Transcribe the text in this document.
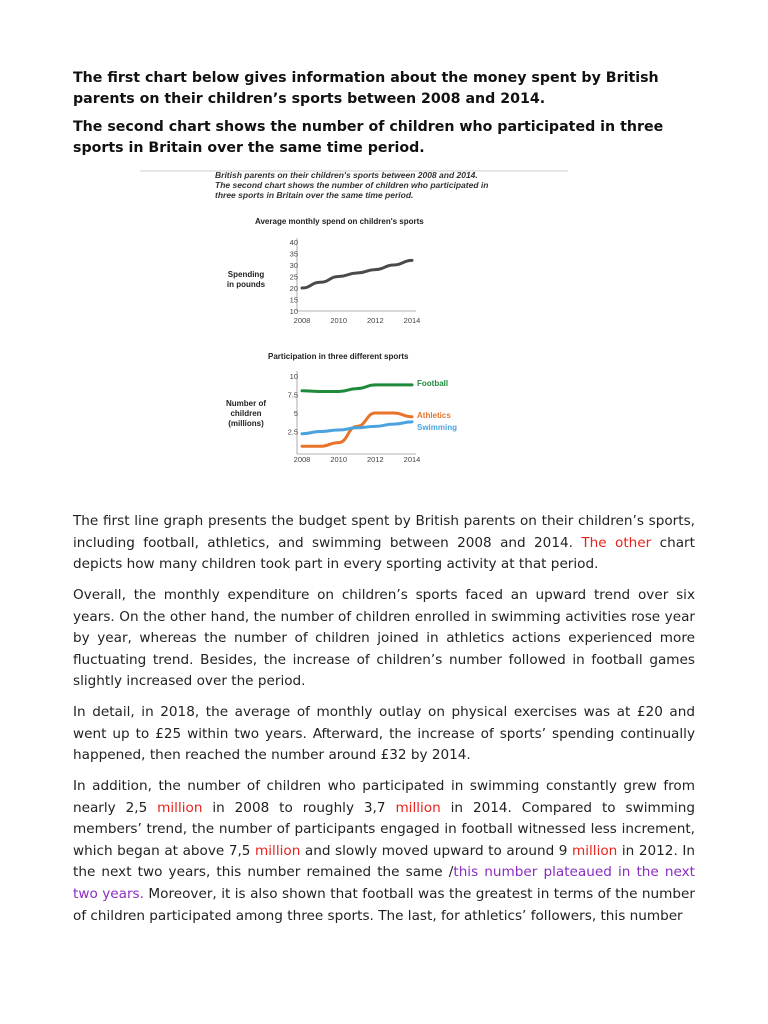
The first chart below gives information about the money spent by British parents on their children’s sports between 2008 and 2014.

The second chart shows the number of children who participated in three sports in Britain over the same time period.

British parents on their children's sports between 2008 and 2014.
The second chart shows the number of children who participated in
three sports in Britain over the same time period.
Average monthly spend on children's sports
Spending
in pounds
10
15
20
25
30
35
40
2008	2010	2012	2014
Participation in three different sports
Number of
children
(millions)
2.5
5
7.5
10
2008	2010	2012	2014
Football
Athletics
Swimming

The first line graph presents the budget spent by British parents on their children’s sports, including football, athletics, and swimming between 2008 and 2014. The other chart depicts how many children took part in every sporting activity at that period.

Overall, the monthly expenditure on children’s sports faced an upward trend over six years. On the other hand, the number of children enrolled in swimming activities rose year by year, whereas the number of children joined in athletics actions experienced more fluctuating trend. Besides, the increase of children’s number followed in football games slightly increased over the period.

In detail, in 2018, the average of monthly outlay on physical exercises was at £20 and went up to £25 within two years. Afterward, the increase of sports’ spending continually happened, then reached the number around £32 by 2014.

In addition, the number of children who participated in swimming constantly grew from nearly 2,5 million in 2008 to roughly 3,7 million in 2014. Compared to swimming members’ trend, the number of participants engaged in football witnessed less increment, which began at above 7,5 million and slowly moved upward to around 9 million in 2012. In the next two years, this number remained the same /this number plateaued in the next two years. Moreover, it is also shown that football was the greatest in terms of the number of children participated among three sports. The last, for athletics’ followers, this number
